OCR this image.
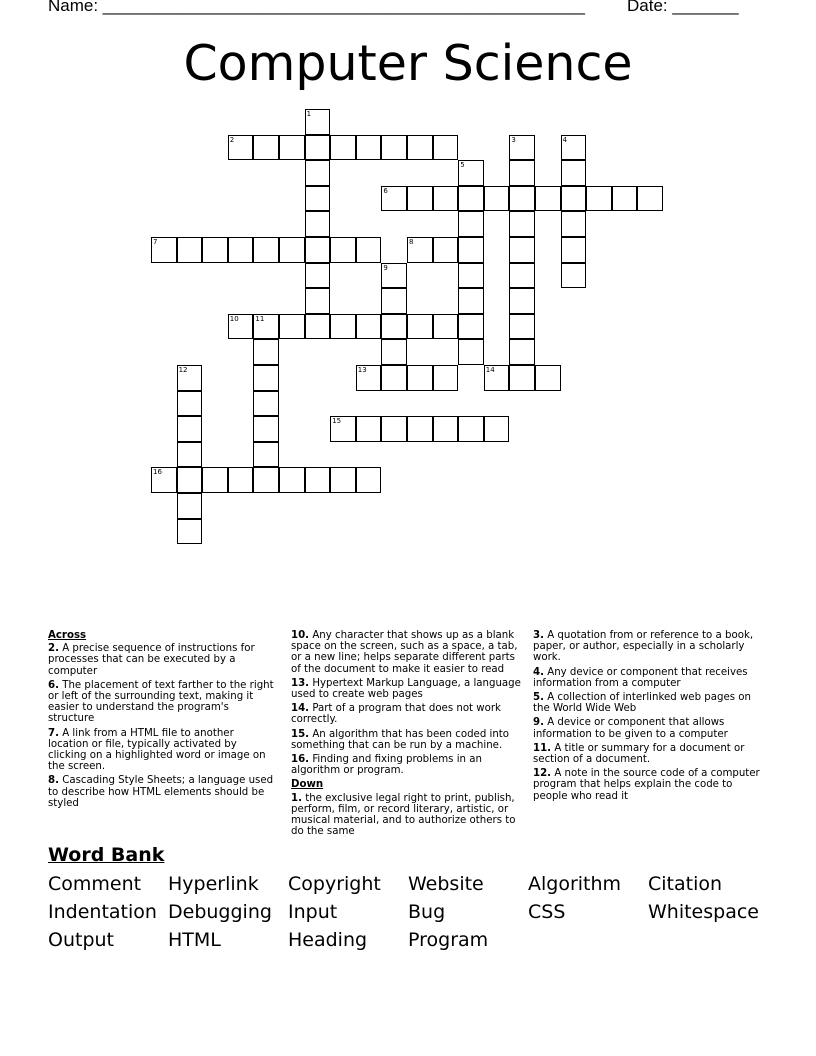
Name: ___________________________________________________ Date: _______
Computer Science
1
2	3	4
5
6
7	8
9
10 11
12	13	14
15
16
Across
2. A precise sequence of instructions for processes that can be executed by a computer
6. The placement of text farther to the right or left of the surrounding text, making it easier to understand the program's structure
7. A link from a HTML file to another location or file, typically activated by clicking on a highlighted word or image on the screen.
8. Cascading Style Sheets; a language used to describe how HTML elements should be styled
10. Any character that shows up as a blank space on the screen, such as a space, a tab, or a new line; helps separate different parts of the document to make it easier to read
13. Hypertext Markup Language, a language used to create web pages
14. Part of a program that does not work correctly.
15. An algorithm that has been coded into something that can be run by a machine.
16. Finding and fixing problems in an algorithm or program.
Down
1. the exclusive legal right to print, publish, perform, film, or record literary, artistic, or musical material, and to authorize others to do the same
3. A quotation from or reference to a book, paper, or author, especially in a scholarly work.
4. Any device or component that receives information from a computer
5. A collection of interlinked web pages on the World Wide Web
9. A device or component that allows information to be given to a computer
11. A title or summary for a document or section of a document.
12. A note in the source code of a computer program that helps explain the code to people who read it
Word Bank
Comment Hyperlink Copyright Website Algorithm Citation
Indentation Debugging Input	Bug	CSS	Whitespace
Output	HTML	Heading Program
